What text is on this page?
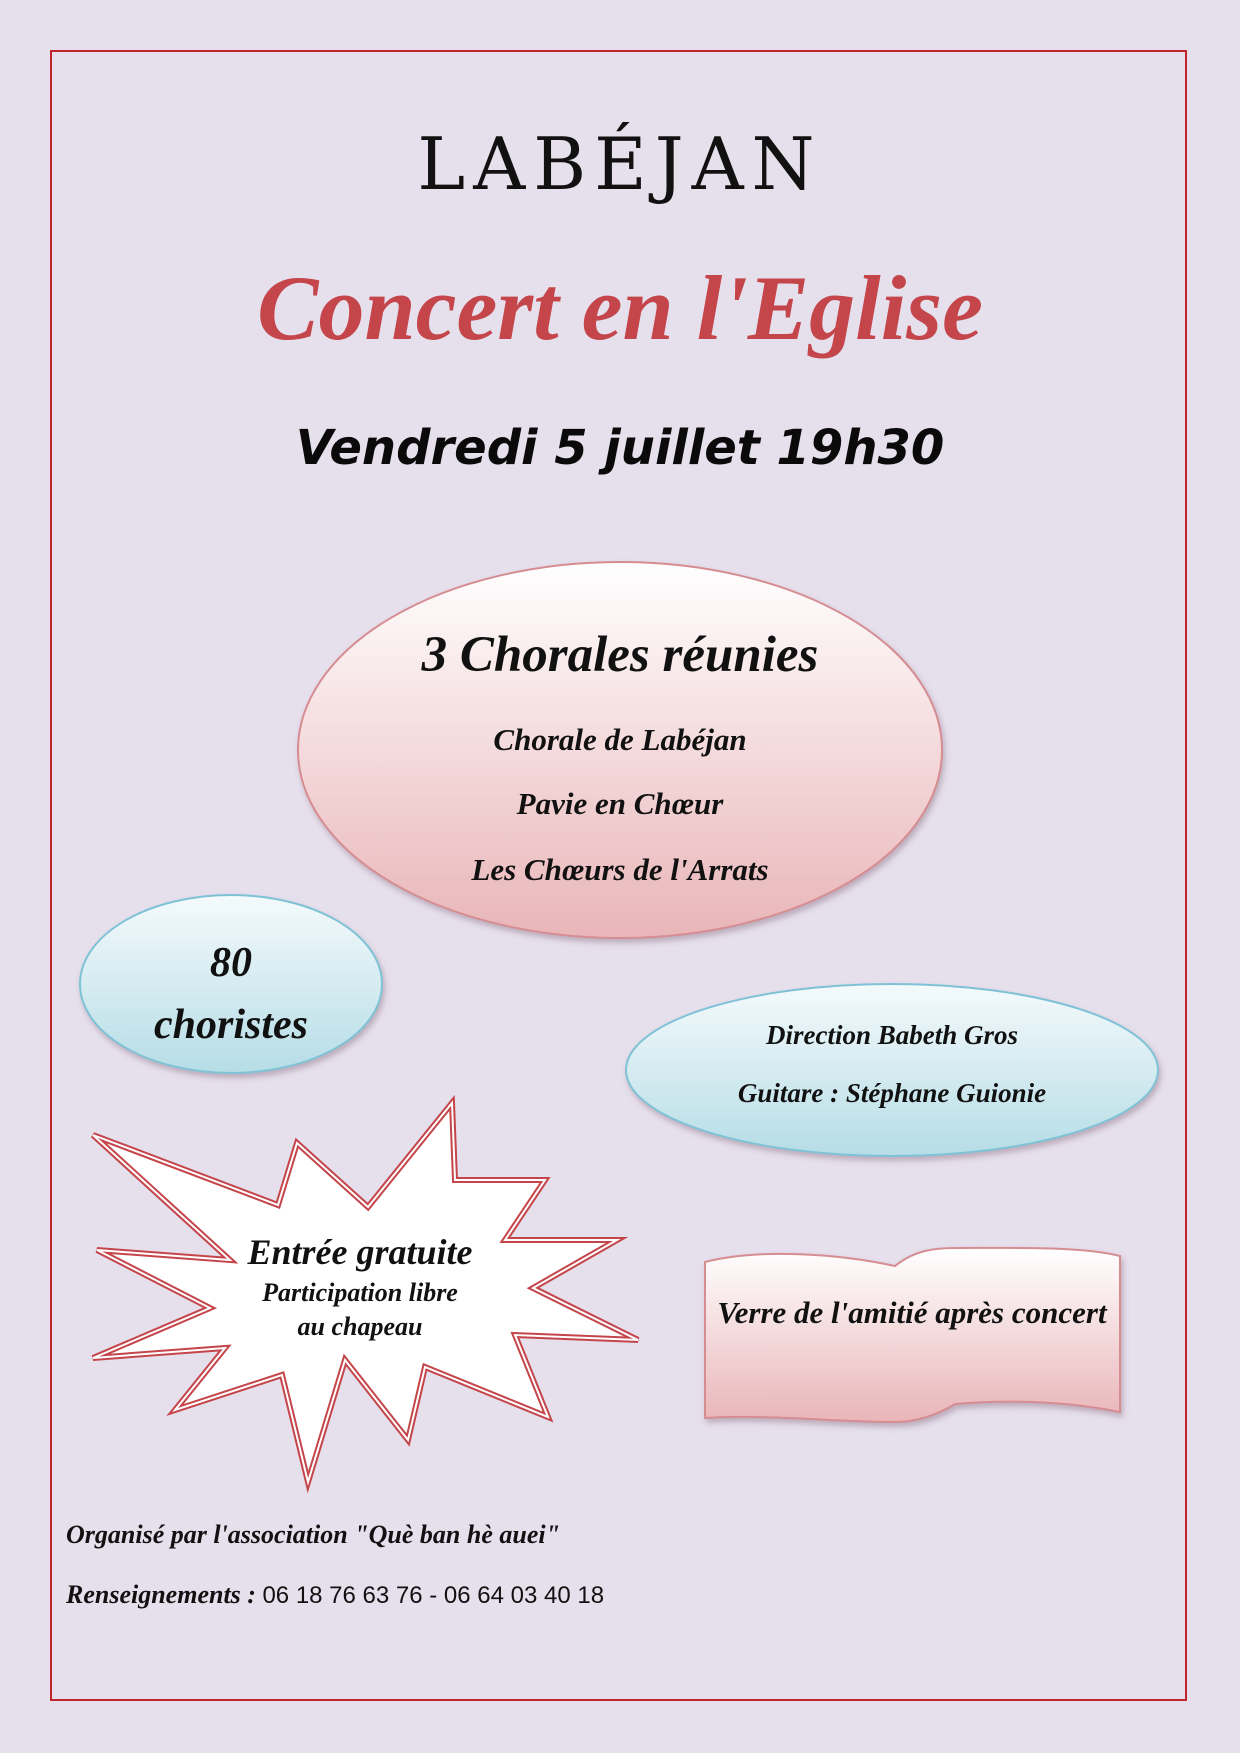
LABÉJAN
Concert en l'Eglise
Vendredi 5 juillet 19h30

3 Chorales réunies

Chorale de Labéjan

Pavie en Chœur

Les Chœurs de l'Arrats

80
choristes	Direction Babeth Gros

Guitare : Stéphane Guionie

Entrée gratuite

Participation libre

au chapeau	Verre de l'amitié après concert

Organisé par l'association "Què ban hè auei"
Renseignements : 06 18 76 63 76 - 06 64 03 40 18
